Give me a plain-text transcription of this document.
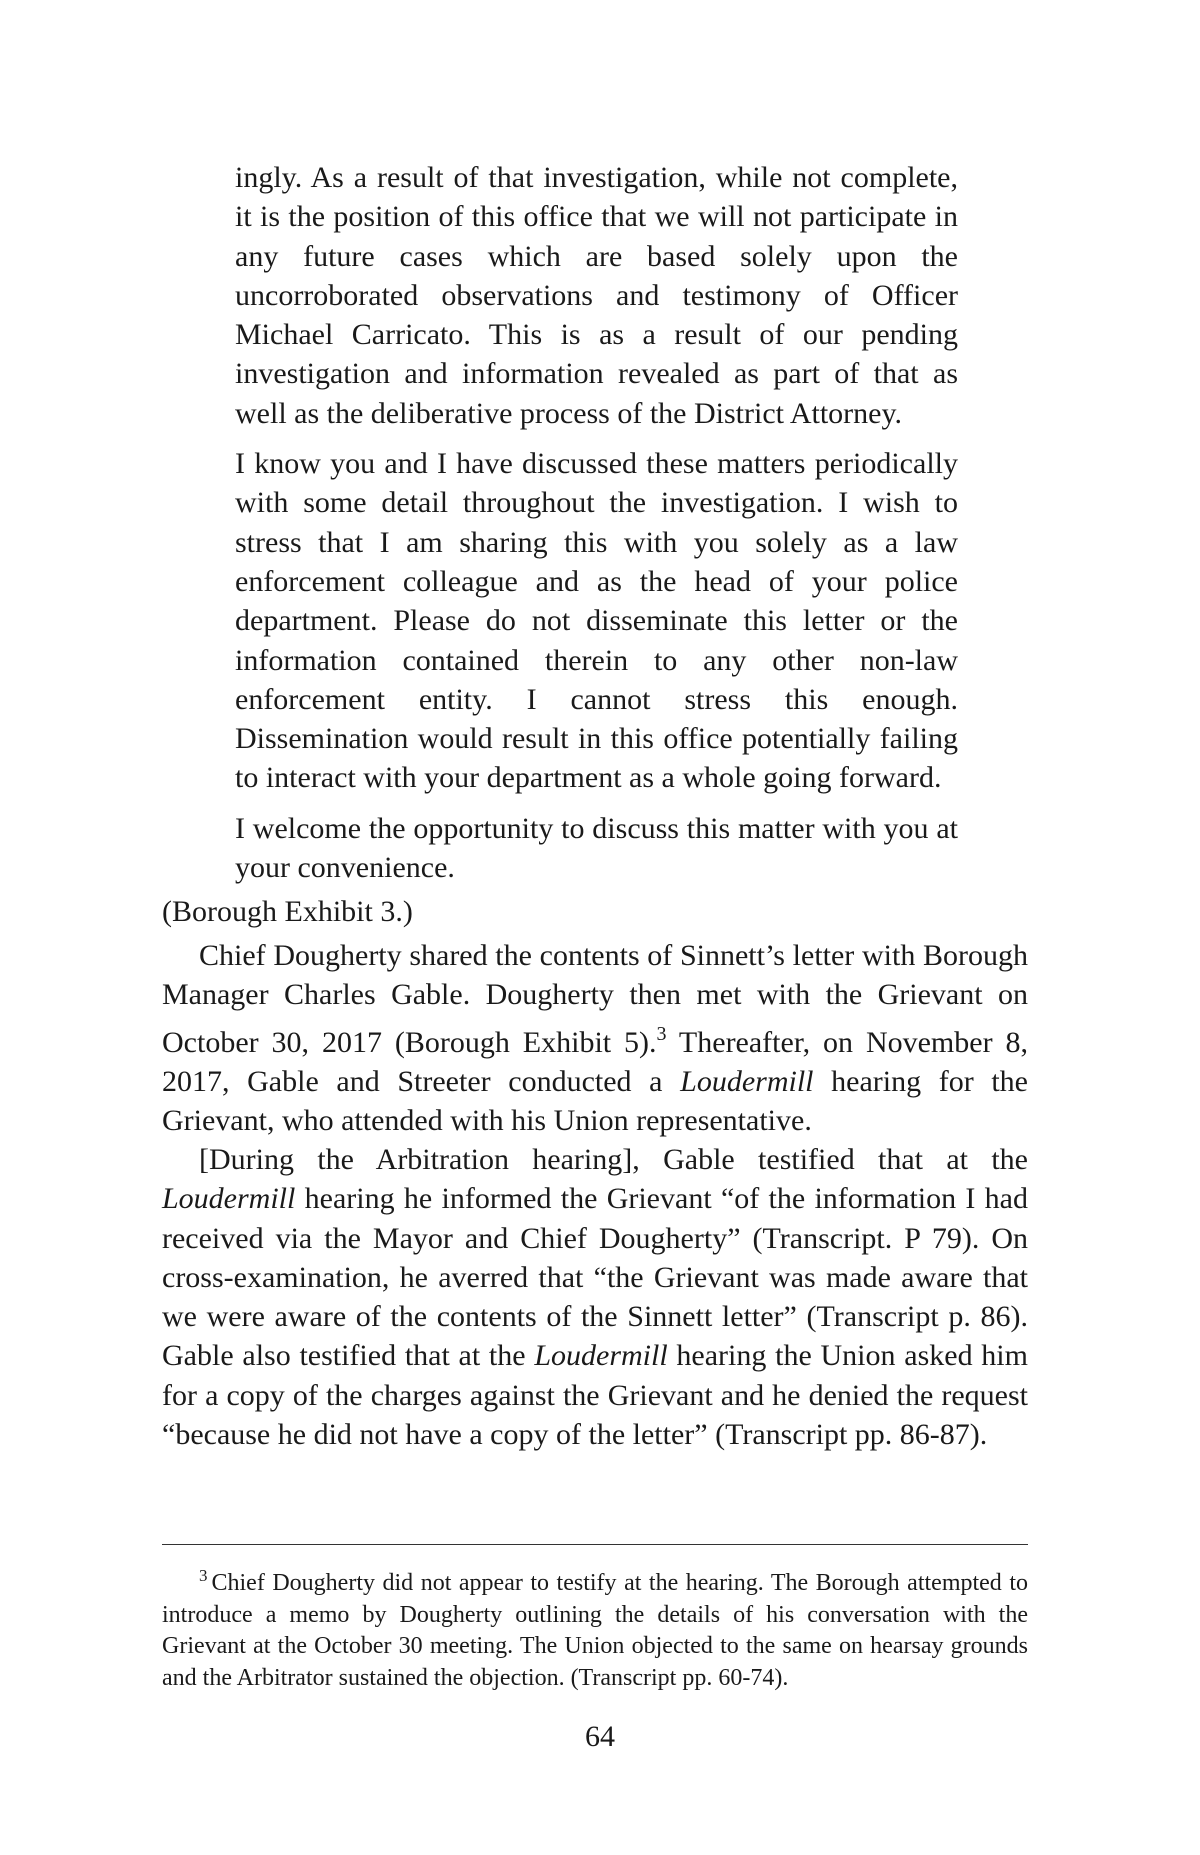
ingly. As a result of that investigation, while not complete, it is the position of this office that we will not participate in any future cases which are based solely upon the uncorroborated observations and testimony of Officer Michael Carricato. This is as a result of our pending investigation and information revealed as part of that as well as the deliberative process of the District Attorney.

I know you and I have discussed these matters periodically with some detail throughout the investigation. I wish to stress that I am sharing this with you solely as a law enforcement colleague and as the head of your police department. Please do not disseminate this letter or the information contained therein to any other non-law enforcement entity. I cannot stress this enough. Dissemination would result in this office potentially failing to interact with your department as a whole going forward.

I welcome the opportunity to discuss this matter with you at your convenience.

(Borough Exhibit 3.)

Chief Dougherty shared the contents of Sinnett’s letter with Borough Manager Charles Gable. Dougherty then met with the Grievant on October 30, 2017 (Borough Exhibit 5).$^3$ Thereafter, on November 8, 2017, Gable and Streeter conducted a Loudermill hearing for the Grievant, who attended with his Union representative.

[During the Arbitration hearing], Gable testified that at the Loudermill hearing he informed the Grievant “of the information I had received via the Mayor and Chief Dougherty” (Transcript. P 79). On cross-examination, he averred that “the Grievant was made aware that we were aware of the contents of the Sinnett letter” (Transcript p. 86). Gable also testified that at the Loudermill hearing the Union asked him for a copy of the charges against the Grievant and he denied the request “because he did not have a copy of the letter” (Transcript pp. 86-87).

$^3$ Chief Dougherty did not appear to testify at the hearing. The Borough attempted to introduce a memo by Dougherty outlining the details of his conversation with the Grievant at the October 30 meeting. The Union objected to the same on hearsay grounds and the Arbitrator sustained the objection. (Transcript pp. 60-74).

64
